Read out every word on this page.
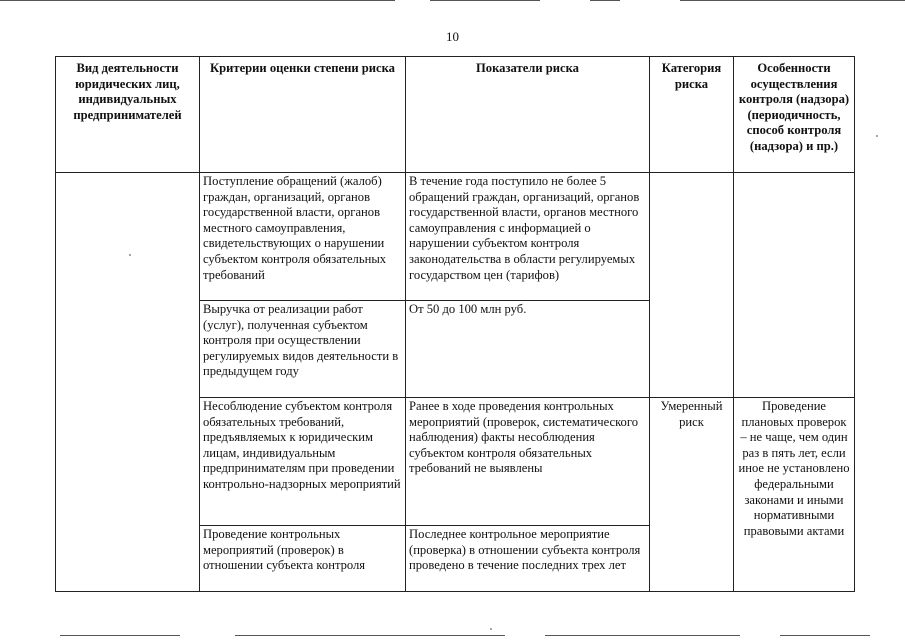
10
Вид деятельности юридических лиц, индивидуальных предпринимателей	Критерии оценки степени риска	Показатели риска	Категория риска	Особенности осуществления контроля (надзора) (периодичность, способ контроля (надзора) и пр.)
	Поступление обращений (жалоб) граждан, организаций, органов государственной власти, органов местного самоуправления, свидетельствующих о нарушении субъектом контроля обязательных требований	В течение года поступило не более 5 обращений граждан, организаций, органов государственной власти, органов местного самоуправления с информацией о нарушении субъектом контроля законодательства в области регулируемых государством цен (тарифов)		
	Выручка от реализации работ (услуг), полученная субъектом контроля при осуществлении регулируемых видов деятельности в предыдущем году	От 50 до 100 млн руб.		
	Несоблюдение субъектом контроля обязательных требований, предъявляемых к юридическим лицам, индивидуальным предпринимателям при проведении контрольно-надзорных мероприятий	Ранее в ходе проведения контрольных мероприятий (проверок, систематического наблюдения) факты несоблюдения субъектом контроля обязательных требований не выявлены	Умеренный риск	Проведение плановых проверок – не чаще, чем один раз в пять лет, если иное не установлено федеральными законами и иными нормативными правовыми актами
	Проведение контрольных мероприятий (проверок) в отношении субъекта контроля	Последнее контрольное мероприятие (проверка) в отношении субъекта контроля проведено в течение последних трех лет		
